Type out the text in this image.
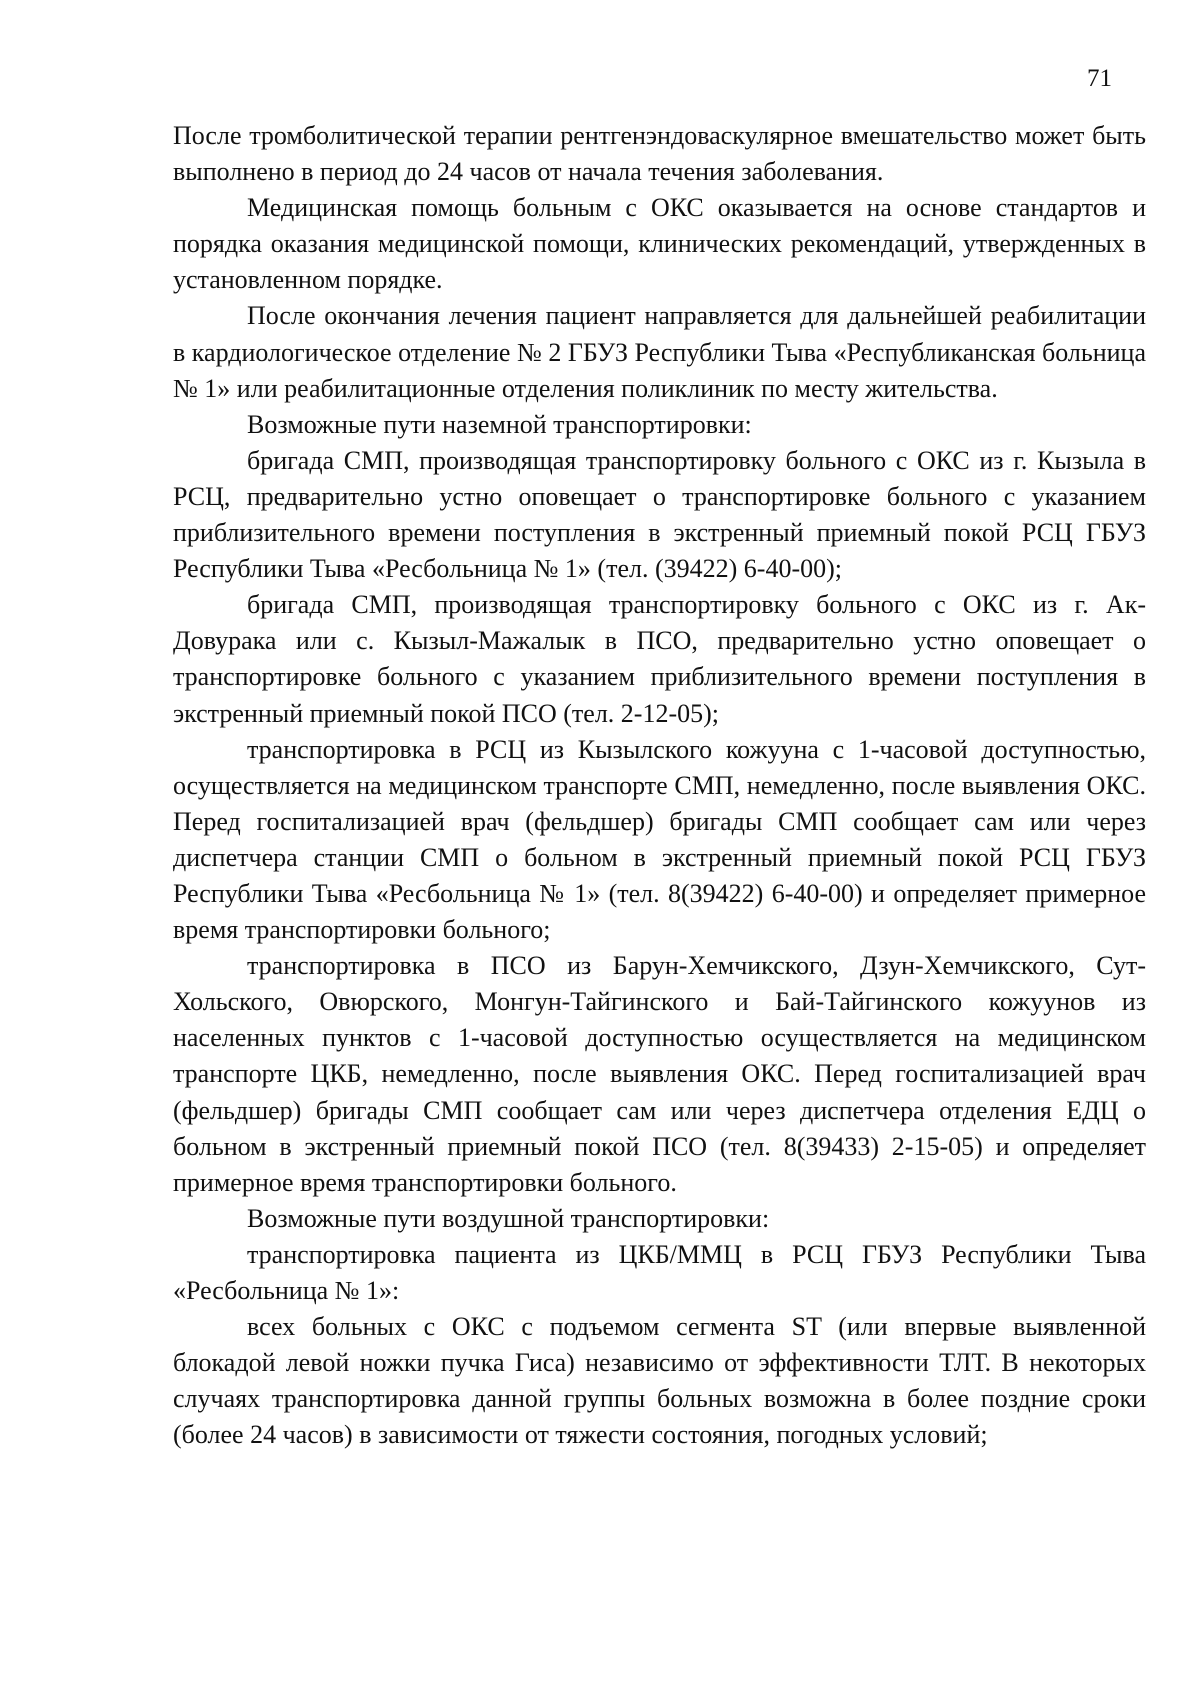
71

После тромболитической терапии рентгенэндоваскулярное вмешательство может быть выполнено в период до 24 часов от начала течения заболевания.

Медицинская помощь больным с ОКС оказывается на основе стандартов и порядка оказания медицинской помощи, клинических рекомендаций, утвержденных в установленном порядке.

После окончания лечения пациент направляется для дальнейшей реабилитации в кардиологическое отделение № 2 ГБУЗ Республики Тыва «Республиканская больница № 1» или реабилитационные отделения поликлиник по месту жительства.

Возможные пути наземной транспортировки:

бригада СМП, производящая транспортировку больного с ОКС из г. Кызыла в РСЦ, предварительно устно оповещает о транспортировке больного с указанием приблизительного времени поступления в экстренный приемный покой РСЦ ГБУЗ Республики Тыва «Ресбольница № 1» (тел. (39422) 6-40-00);

бригада СМП, производящая транспортировку больного с ОКС из г. Ак-Довурака или с. Кызыл-Мажалык в ПСО, предварительно устно оповещает о транспортировке больного с указанием приблизительного времени поступления в экстренный приемный покой ПСО (тел. 2-12-05);

транспортировка в РСЦ из Кызылского кожууна с 1-часовой доступностью, осуществляется на медицинском транспорте СМП, немедленно, после выявления ОКС. Перед госпитализацией врач (фельдшер) бригады СМП сообщает сам или через диспетчера станции СМП о больном в экстренный приемный покой РСЦ ГБУЗ Республики Тыва «Ресбольница № 1» (тел. 8(39422) 6-40-00) и определяет примерное время транспортировки больного;

транспортировка в ПСО из Барун-Хемчикского, Дзун-Хемчикского, Сут-Хольского, Овюрского, Монгун-Тайгинского и Бай-Тайгинского кожуунов из населенных пунктов с 1-часовой доступностью осуществляется на медицинском транспорте ЦКБ, немедленно, после выявления ОКС. Перед госпитализацией врач (фельдшер) бригады СМП сообщает сам или через диспетчера отделения ЕДЦ о больном в экстренный приемный покой ПСО (тел. 8(39433) 2-15-05) и определяет примерное время транспортировки больного.

Возможные пути воздушной транспортировки:

транспортировка пациента из ЦКБ/ММЦ в РСЦ ГБУЗ Республики Тыва «Ресбольница № 1»:

всех больных с ОКС с подъемом сегмента ST (или впервые выявленной блокадой левой ножки пучка Гиса) независимо от эффективности ТЛТ. В некоторых случаях транспортировка данной группы больных возможна в более поздние сроки (более 24 часов) в зависимости от тяжести состояния, погодных условий;
